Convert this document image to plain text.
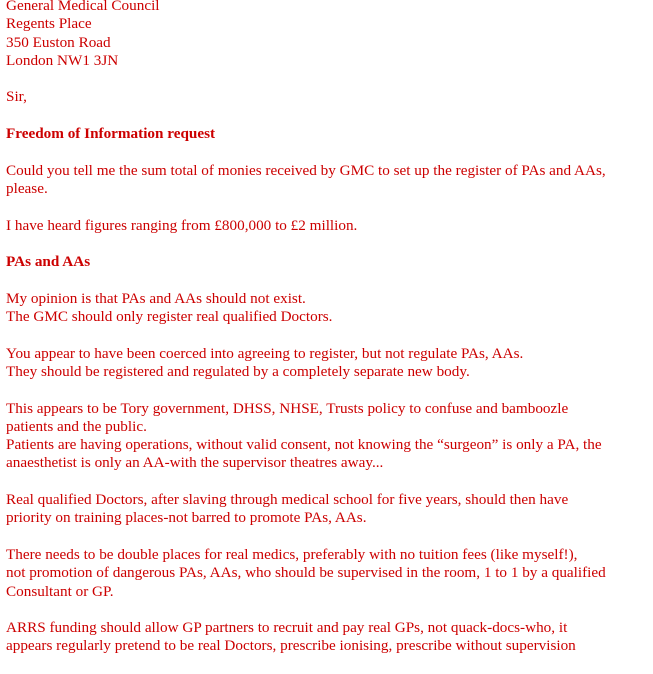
General Medical Council
Regents Place
350 Euston Road
London NW1 3JN
Sir,
Freedom of Information request
Could you tell me the sum total of monies received by GMC to set up the register of PAs and AAs,
please.
I have heard figures ranging from £800,000 to £2 million.
PAs and AAs
My opinion is that PAs and AAs should not exist.
The GMC should only register real qualified Doctors.
You appear to have been coerced into agreeing to register, but not regulate PAs, AAs.
They should be registered and regulated by a completely separate new body.
This appears to be Tory government, DHSS, NHSE, Trusts policy to confuse and bamboozle
patients and the public.
Patients are having operations, without valid consent, not knowing the “surgeon” is only a PA, the
anaesthetist is only an AA-with the supervisor theatres away...
Real qualified Doctors, after slaving through medical school for five years, should then have
priority on training places-not barred to promote PAs, AAs.
There needs to be double places for real medics, preferably with no tuition fees (like myself!),
not promotion of dangerous PAs, AAs, who should be supervised in the room, 1 to 1 by a qualified
Consultant or GP.
ARRS funding should allow GP partners to recruit and pay real GPs, not quack-docs-who, it
appears regularly pretend to be real Doctors, prescribe ionising, prescribe without supervision
